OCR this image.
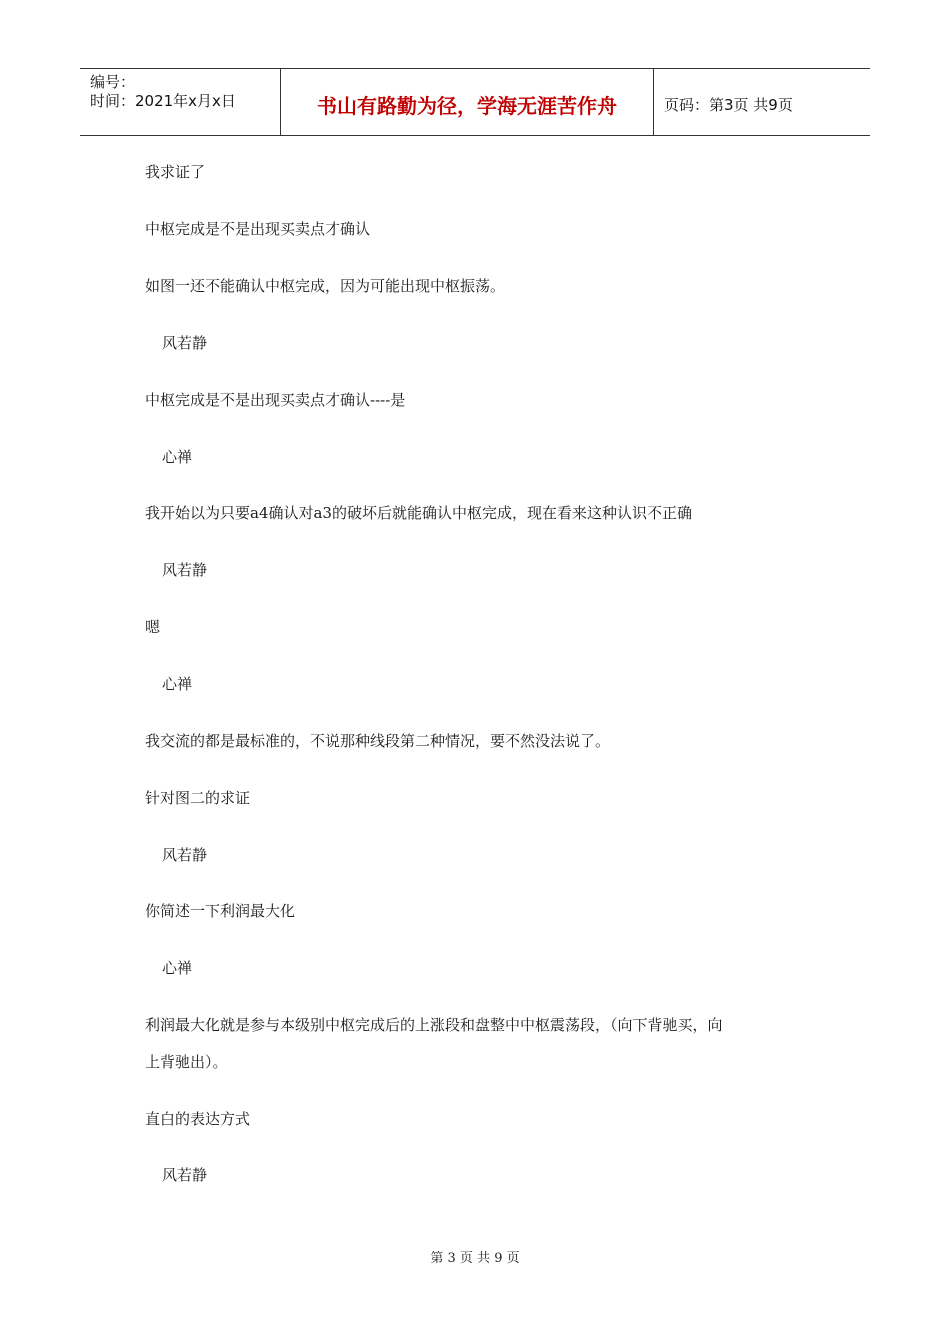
编号：
时间：2021年x月x日	书山有路勤为径，学海无涯苦作舟	页码：第3页 共9页

我求证了

中枢完成是不是出现买卖点才确认

如图一还不能确认中枢完成，因为可能出现中枢振荡。

风若静

中枢完成是不是出现买卖点才确认----是

心禅

我开始以为只要a4确认对a3的破坏后就能确认中枢完成，现在看来这种认识不正确

风若静

嗯

心禅

我交流的都是最标准的，不说那种线段第二种情况，要不然没法说了。

针对图二的求证

风若静

你简述一下利润最大化

心禅

利润最大化就是参与本级别中枢完成后的上涨段和盘整中中枢震荡段，（向下背驰买，向

上背驰出）。

直白的表达方式

风若静

第 3 页 共 9 页
